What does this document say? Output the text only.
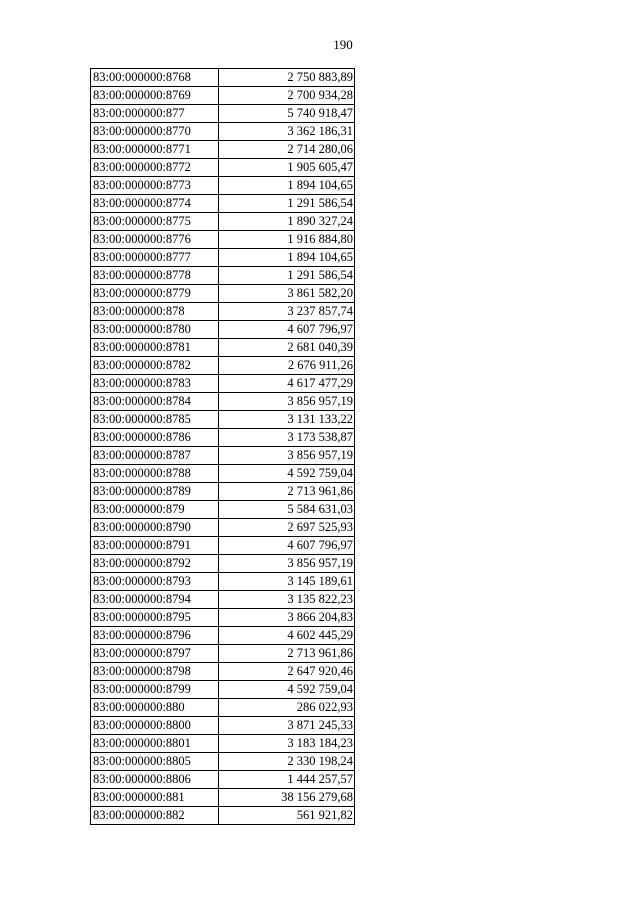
190
83:00:000000:8768	2 750 883,89
83:00:000000:8769	2 700 934,28
83:00:000000:877	5 740 918,47
83:00:000000:8770	3 362 186,31
83:00:000000:8771	2 714 280,06
83:00:000000:8772	1 905 605,47
83:00:000000:8773	1 894 104,65
83:00:000000:8774	1 291 586,54
83:00:000000:8775	1 890 327,24
83:00:000000:8776	1 916 884,80
83:00:000000:8777	1 894 104,65
83:00:000000:8778	1 291 586,54
83:00:000000:8779	3 861 582,20
83:00:000000:878	3 237 857,74
83:00:000000:8780	4 607 796,97
83:00:000000:8781	2 681 040,39
83:00:000000:8782	2 676 911,26
83:00:000000:8783	4 617 477,29
83:00:000000:8784	3 856 957,19
83:00:000000:8785	3 131 133,22
83:00:000000:8786	3 173 538,87
83:00:000000:8787	3 856 957,19
83:00:000000:8788	4 592 759,04
83:00:000000:8789	2 713 961,86
83:00:000000:879	5 584 631,03
83:00:000000:8790	2 697 525,93
83:00:000000:8791	4 607 796,97
83:00:000000:8792	3 856 957,19
83:00:000000:8793	3 145 189,61
83:00:000000:8794	3 135 822,23
83:00:000000:8795	3 866 204,83
83:00:000000:8796	4 602 445,29
83:00:000000:8797	2 713 961,86
83:00:000000:8798	2 647 920,46
83:00:000000:8799	4 592 759,04
83:00:000000:880	286 022,93
83:00:000000:8800	3 871 245,33
83:00:000000:8801	3 183 184,23
83:00:000000:8805	2 330 198,24
83:00:000000:8806	1 444 257,57
83:00:000000:881	38 156 279,68
83:00:000000:882	561 921,82
